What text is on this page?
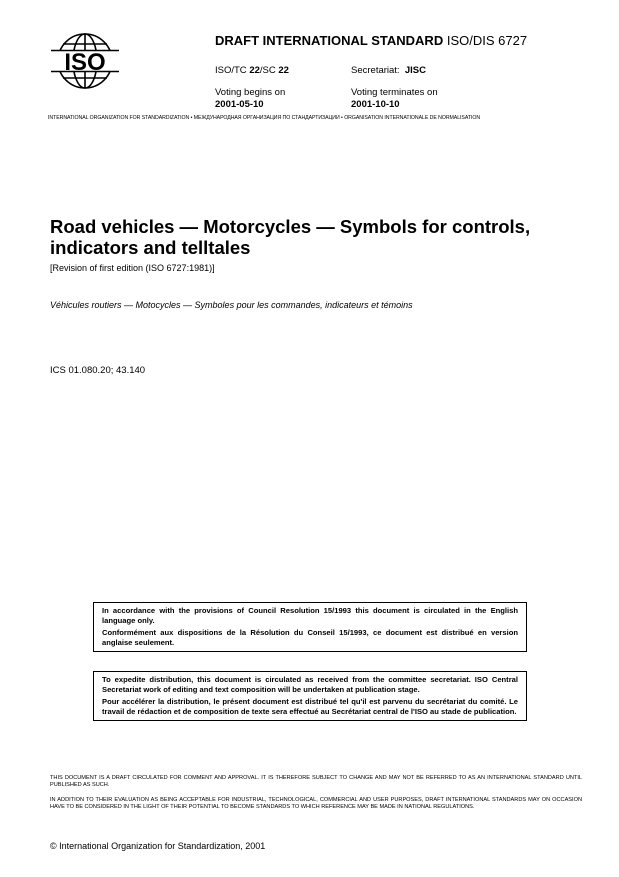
ISO
DRAFT INTERNATIONAL STANDARD ISO/DIS 6727
ISO/TC 22/SC 22	Secretariat: JISC
Voting begins on
2001-05-10
Voting terminates on
2001-10-10
INTERNATIONAL ORGANIZATION FOR STANDARDIZATION • МЕЖДУНАРОДНАЯ ОРГАНИЗАЦИЯ ПО СТАНДАРТИЗАЦИИ • ORGANISATION INTERNATIONALE DE NORMALISATION
Road vehicles — Motorcycles — Symbols for controls, indicators and telltales
[Revision of first edition (ISO 6727:1981)]
Véhicules routiers — Motocycles — Symboles pour les commandes, indicateurs et témoins
ICS 01.080.20; 43.140

In accordance with the provisions of Council Resolution 15/1993 this document is circulated in the English language only.

Conformément aux dispositions de la Résolution du Conseil 15/1993, ce document est distribué en version anglaise seulement.

To expedite distribution, this document is circulated as received from the committee secretariat. ISO Central Secretariat work of editing and text composition will be undertaken at publication stage.

Pour accélérer la distribution, le présent document est distribué tel qu'il est parvenu du secrétariat du comité. Le travail de rédaction et de composition de texte sera effectué au Secrétariat central de l'ISO au stade de publication.

THIS DOCUMENT IS A DRAFT CIRCULATED FOR COMMENT AND APPROVAL. IT IS THEREFORE SUBJECT TO CHANGE AND MAY NOT BE REFERRED TO AS AN INTERNATIONAL STANDARD UNTIL PUBLISHED AS SUCH.
IN ADDITION TO THEIR EVALUATION AS BEING ACCEPTABLE FOR INDUSTRIAL, TECHNOLOGICAL, COMMERCIAL AND USER PURPOSES, DRAFT INTERNATIONAL STANDARDS MAY ON OCCASION HAVE TO BE CONSIDERED IN THE LIGHT OF THEIR POTENTIAL TO BECOME STANDARDS TO WHICH REFERENCE MAY BE MADE IN NATIONAL REGULATIONS.
© International Organization for Standardization, 2001
